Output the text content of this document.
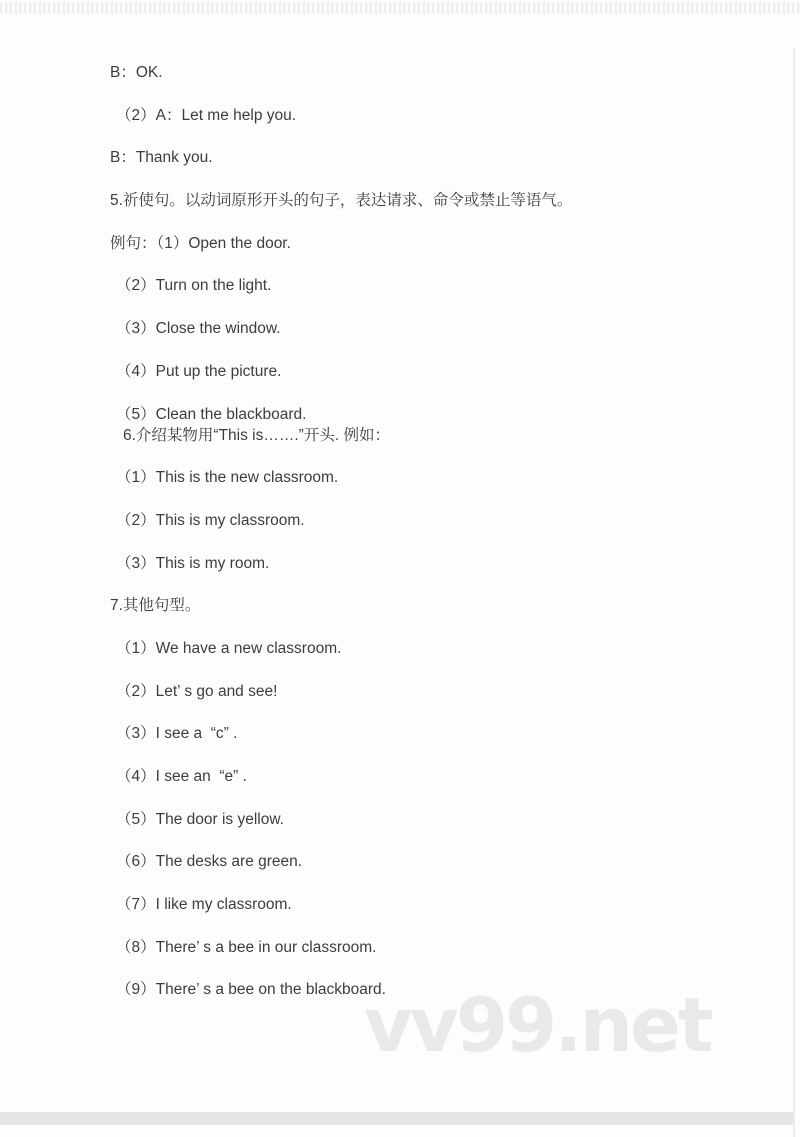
B：OK.

（2）A：Let me help you.

B：Thank you.

5.祈使句。以动词原形开头的句子，表达请求、命令或禁止等语气。

例句：（1）Open the door.

（2）Turn on the light.

（3）Close the window.

（4）Put up the picture.

（5）Clean the blackboard.

6.介绍某物用“This is…….”开头. 例如：

（1）This is the new classroom.

（2）This is my classroom.

（3）This is my room.

7.其他句型。

（1）We have a new classroom.

（2）Let’ s go and see!

（3）I see a  “c” .

（4）I see an  “e” .

（5）The door is yellow.

（6）The desks are green.

（7）I like my classroom.

（8）There’ s a bee in our classroom.

（9）There’ s a bee on the blackboard.

vv99.net
